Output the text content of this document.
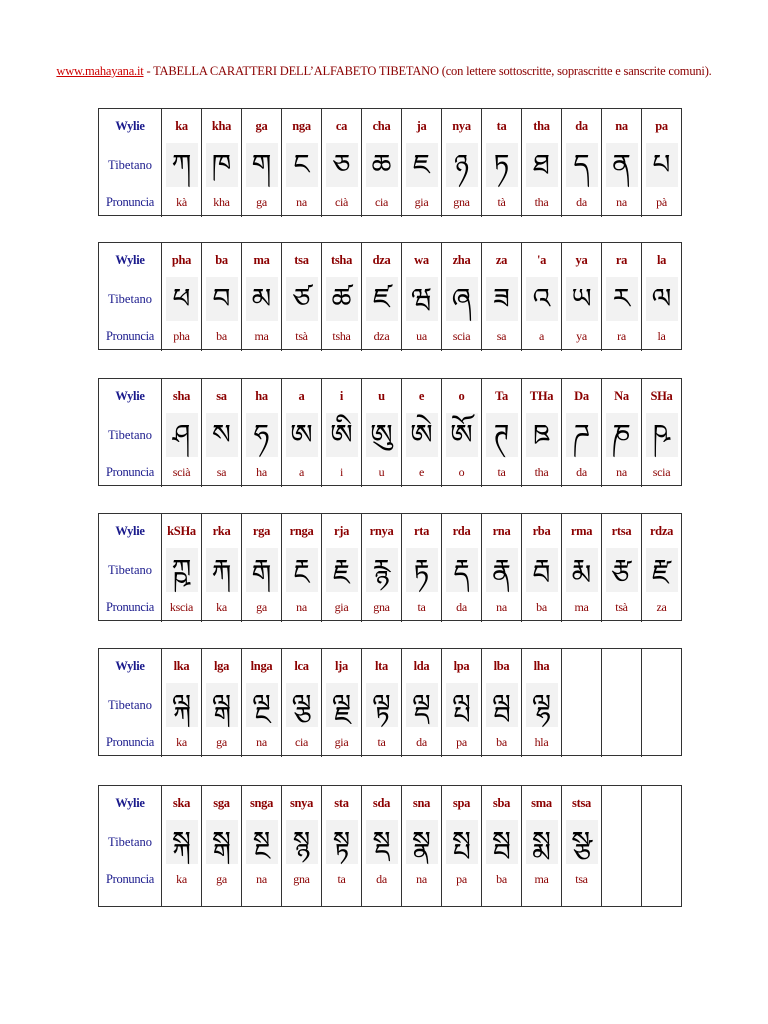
www.mahayana.it - TABELLA CARATTERI DELL’ALFABETO TIBETANO (con lettere sottoscritte, soprascritte e sanscrite comuni).
Wylie
Tibetano
Pronuncia
ka
ཀ
kà
kha
ཁ
kha
ga
ག
ga
nga
ང
na
ca
ཅ
cià
cha
ཆ
cia
ja
ཇ
gia
nya
ཉ
gna
ta
ཏ
tà
tha
ཐ
tha
da
ད
da
na
ན
na
pa
པ
pà
Wylie
Tibetano
Pronuncia
pha
ཕ
pha
ba
བ
ba
ma
མ
ma
tsa
ཙ
tsà
tsha
ཚ
tsha
dza
ཛ
dza
wa
ཝ
ua
zha
ཞ
scia
za
ཟ
sa
'a
འ
a
ya
ཡ
ya
ra
ར
ra
la
ལ
la
Wylie
Tibetano
Pronuncia
sha
ཤ
scià
sa
ས
sa
ha
ཧ
ha
a
ཨ
a
i
ཨི
i
u
ཨུ
u
e
ཨེ
e
o
ཨོ
o
Ta
ཊ
ta
THa
ཋ
tha
Da
ཌ
da
Na
ཎ
na
SHa
ཥ
scia
Wylie
Tibetano
Pronuncia
kSHa
ཀྵ
kscia
rka
རྐ
ka
rga
རྒ
ga
rnga
རྔ
na
rja
རྗ
gia
rnya
རྙ
gna
rta
རྟ
ta
rda
རྡ
da
rna
རྣ
na
rba
རྦ
ba
rma
རྨ
ma
rtsa
རྩ
tsà
rdza
རྫ
za
Wylie
Tibetano
Pronuncia
lka
ལྐ
ka
lga
ལྒ
ga
lnga
ལྔ
na
lca
ལྕ
cia
lja
ལྗ
gia
lta
ལྟ
ta
lda
ལྡ
da
lpa
ལྤ
pa
lba
ལྦ
ba
lha
ལྷ
hla
Wylie
Tibetano
Pronuncia
ska
སྐ
ka
sga
སྒ
ga
snga
སྔ
na
snya
སྙ
gna
sta
སྟ
ta
sda
སྡ
da
sna
སྣ
na
spa
སྤ
pa
sba
སྦ
ba
sma
སྨ
ma
stsa
སྩ
tsa
